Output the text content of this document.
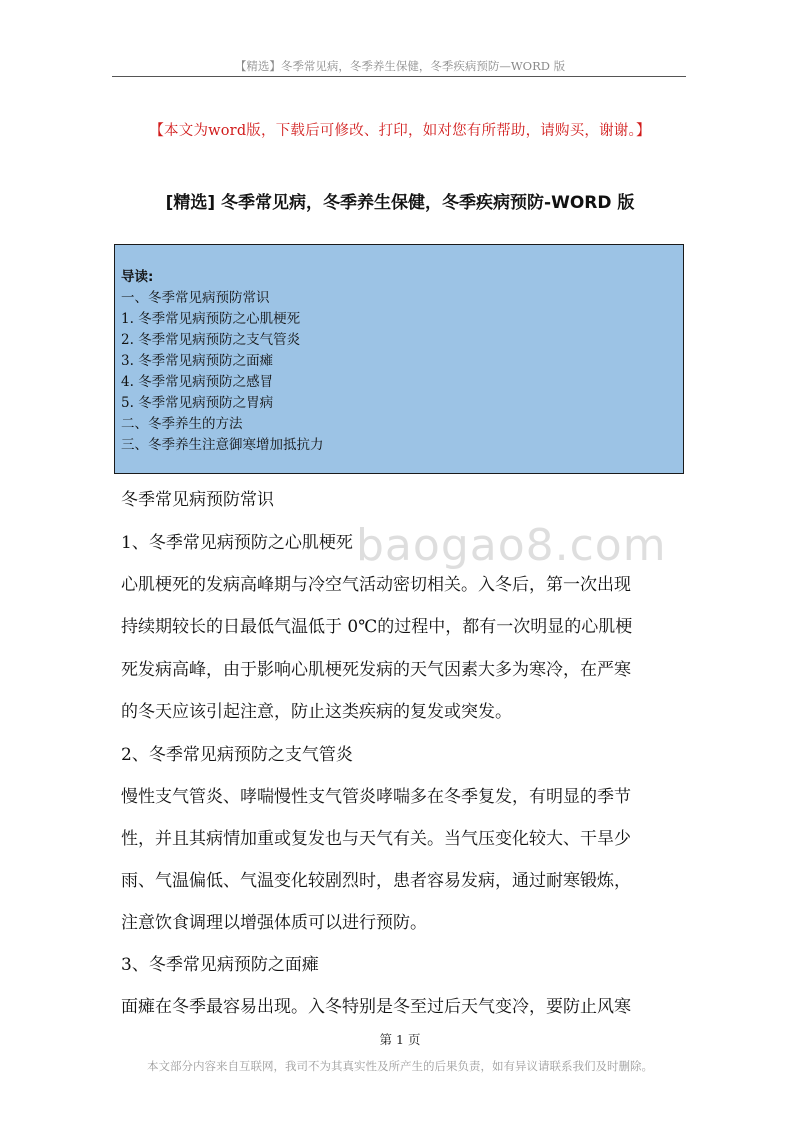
【精选】冬季常见病，冬季养生保健，冬季疾病预防—WORD 版
【本文为word版，下载后可修改、打印，如对您有所帮助，请购买，谢谢。】
[精选] 冬季常见病，冬季养生保健，冬季疾病预防-WORD 版
导读:
一、冬季常见病预防常识
1. 冬季常见病预防之心肌梗死
2. 冬季常见病预防之支气管炎
3. 冬季常见病预防之面瘫
4. 冬季常见病预防之感冒
5. 冬季常见病预防之胃病
二、冬季养生的方法
三、冬季养生注意御寒增加抵抗力
冬季常见病预防常识
1、冬季常见病预防之心肌梗死
心肌梗死的发病高峰期与冷空气活动密切相关。入冬后，第一次出现
持续期较长的日最低气温低于 0℃的过程中，都有一次明显的心肌梗
死发病高峰，由于影响心肌梗死发病的天气因素大多为寒冷，在严寒
的冬天应该引起注意，防止这类疾病的复发或突发。
2、冬季常见病预防之支气管炎
慢性支气管炎、哮喘慢性支气管炎哮喘多在冬季复发，有明显的季节
性，并且其病情加重或复发也与天气有关。当气压变化较大、干旱少
雨、气温偏低、气温变化较剧烈时，患者容易发病，通过耐寒锻炼，
注意饮食调理以增强体质可以进行预防。
3、冬季常见病预防之面瘫
面瘫在冬季最容易出现。入冬特别是冬至过后天气变冷，要防止风寒
baogao8.com
第 1 页
本文部分内容来自互联网，我司不为其真实性及所产生的后果负责，如有异议请联系我们及时删除。
